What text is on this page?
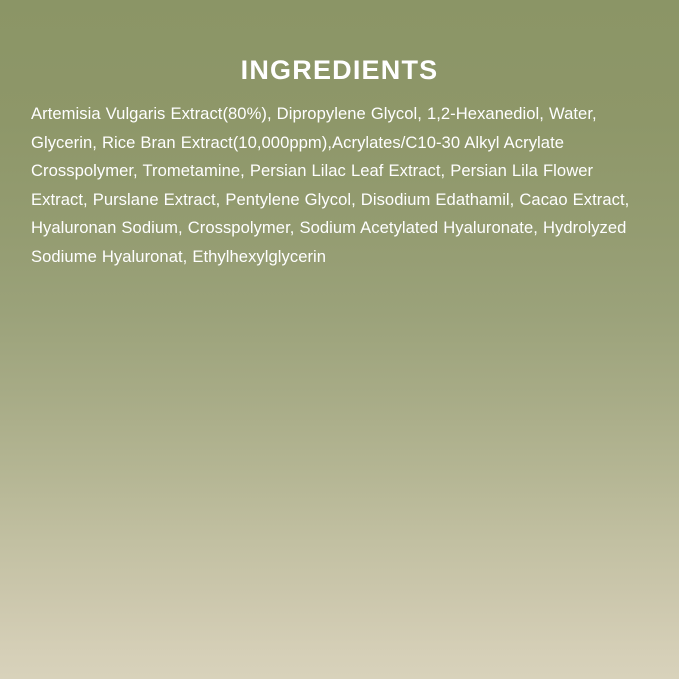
INGREDIENTS
Artemisia Vulgaris Extract(80%), Dipropylene Glycol, 1,2-Hexanediol, Water, Glycerin, Rice Bran Extract(10,000ppm),Acrylates/C10-30 Alkyl Acrylate Crosspolymer, Trometamine, Persian Lilac Leaf Extract, Persian Lila Flower Extract, Purslane Extract, Pentylene Glycol, Disodium Edathamil, Cacao Extract, Hyaluronan Sodium, Crosspolymer, Sodium Acetylated Hyaluronate, Hydrolyzed Sodiume Hyaluronat, Ethylhexylglycerin
